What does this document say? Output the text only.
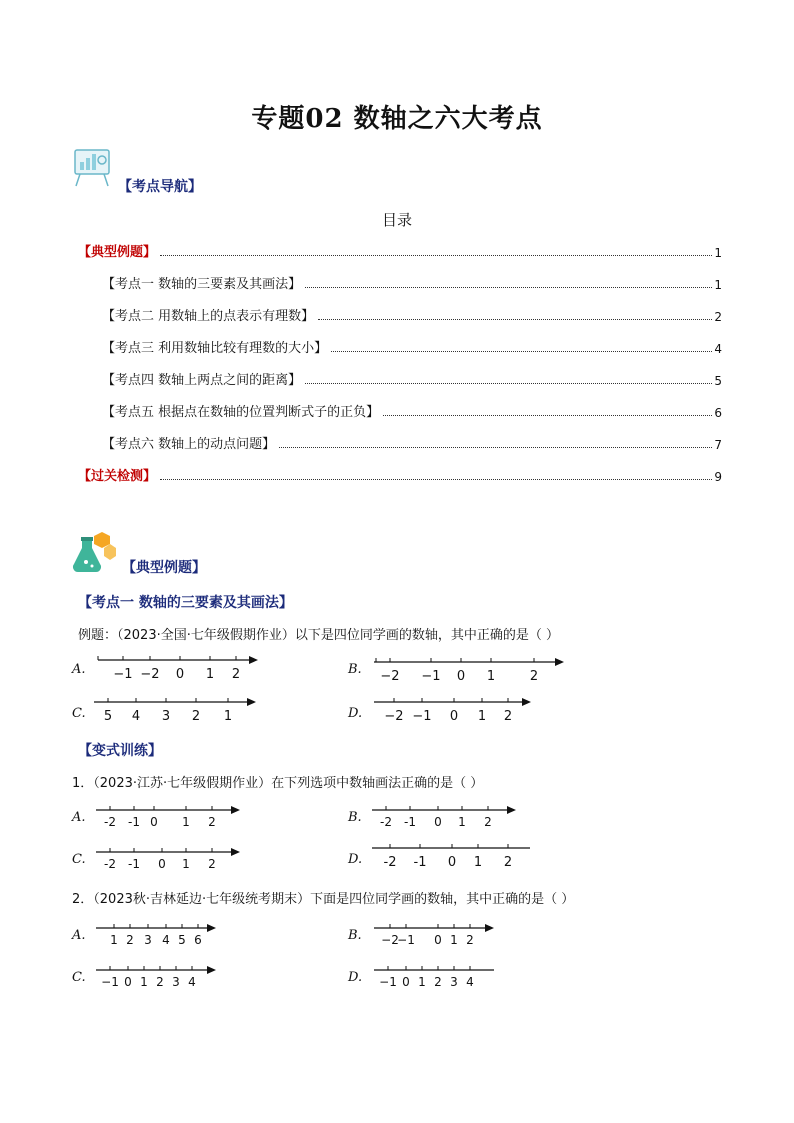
专题02 数轴之六大考点
【考点导航】
目录
【典型例题】	1
【考点一 数轴的三要素及其画法】	1
【考点二 用数轴上的点表示有理数】	2
【考点三 利用数轴比较有理数的大小】	4
【考点四 数轴上两点之间的距离】	5
【考点五 根据点在数轴的位置判断式子的正负】	6
【考点六 数轴上的动点问题】	7
【过关检测】	9
【典型例题】
【考点一 数轴的三要素及其画法】
例题：（2023·全国·七年级假期作业）以下是四位同学画的数轴，其中正确的是（ ）
A. −1 −2 0 1 2	B. −2 −1 0 1	2
C. 5 4 3 2 1	D. −2 −1 0 1 2
【变式训练】
1．（2023·江苏·七年级假期作业）在下列选项中数轴画法正确的是（ ）
A. -2 -1 0 1 2	B. -2 -1 0 1 2
C. -2 -1 0 1 2	D. -2 -1 0 1 2
2．（2023秋·吉林延边·七年级统考期末）下面是四位同学画的数轴，其中正确的是（ ）
A. 1 2 3 4 5 6	B. −2
−1 0 1 2
C. −1 0 1 2 3 4	D. −1 0 1 2 3 4
